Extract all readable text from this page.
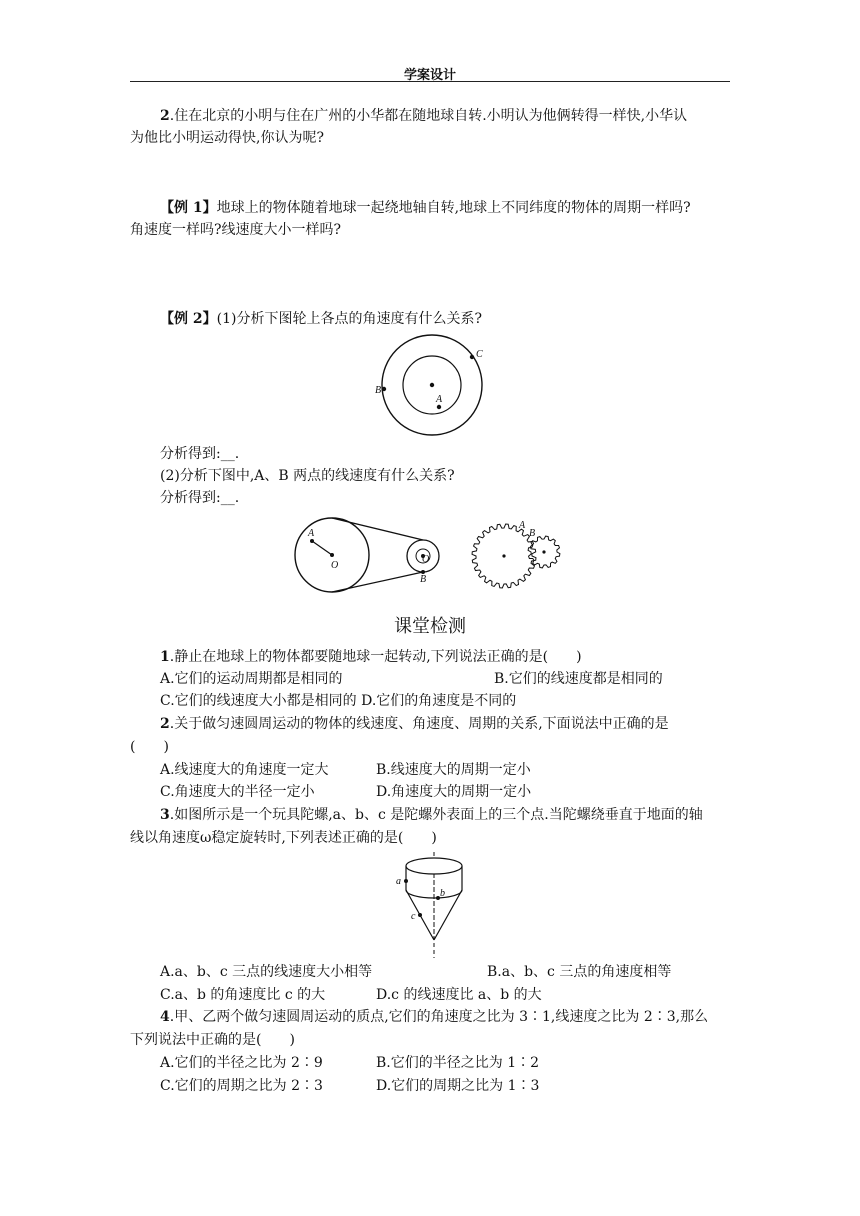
学案设计
2.住在北京的小明与住在广州的小华都在随地球自转.小明认为他俩转得一样快,小华认
为他比小明运动得快,你认为呢?
【例 1】地球上的物体随着地球一起绕地轴自转,地球上不同纬度的物体的周期一样吗?
角速度一样吗?线速度大小一样吗?
【例 2】(1)分析下图轮上各点的角速度有什么关系?
A
B
C
分析得到:__.
(2)分析下图中,A、B 两点的线速度有什么关系?
分析得到:__.
A
O
O
B
A
B
课堂检测
1.静止在地球上的物体都要随地球一起转动,下列说法正确的是(　　)
A.它们的运动周期都是相同的	B.它们的线速度都是相同的
C.它们的线速度大小都是相同的 D.它们的角速度是不同的
2.关于做匀速圆周运动的物体的线速度、角速度、周期的关系,下面说法中正确的是
(　　)
A.线速度大的角速度一定大	B.线速度大的周期一定小
C.角速度大的半径一定小	D.角速度大的周期一定小
3.如图所示是一个玩具陀螺,a、b、c 是陀螺外表面上的三个点.当陀螺绕垂直于地面的轴
线以角速度ω稳定旋转时,下列表述正确的是(　　)
a
b
c
A.a、b、c 三点的线速度大小相等	B.a、b、c 三点的角速度相等
C.a、b 的角速度比 c 的大	D.c 的线速度比 a、b 的大
4.甲、乙两个做匀速圆周运动的质点,它们的角速度之比为 3∶1,线速度之比为 2∶3,那么
下列说法中正确的是(　　)
A.它们的半径之比为 2∶9	B.它们的半径之比为 1∶2
C.它们的周期之比为 2∶3	D.它们的周期之比为 1∶3
